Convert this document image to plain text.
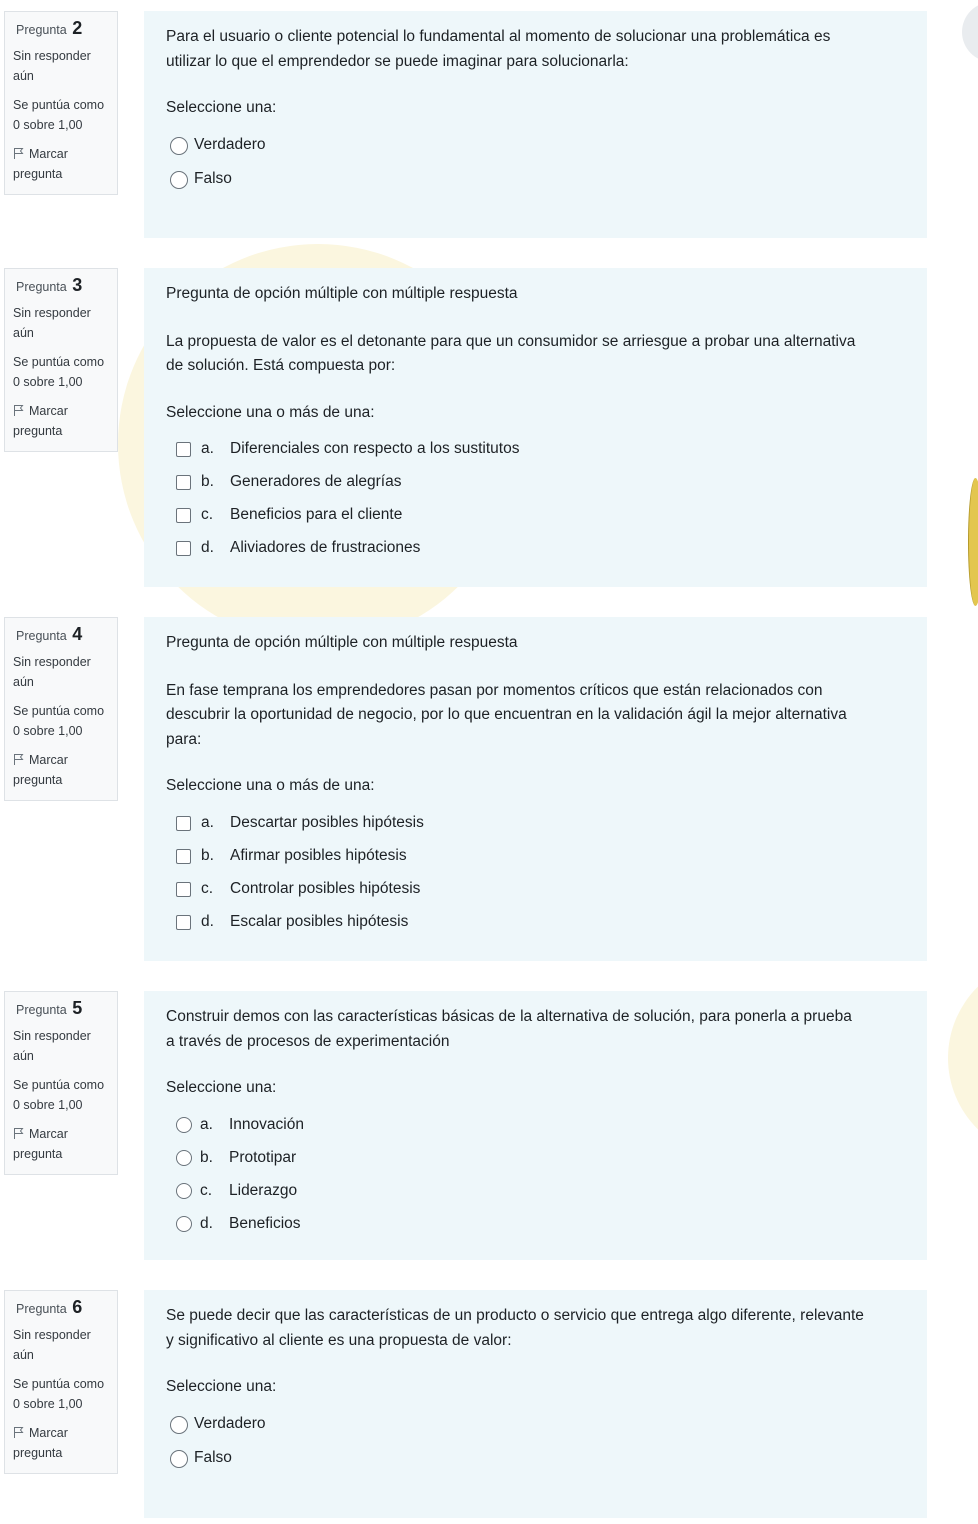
Pregunta 2
Sin responder
aún
Se puntúa como
0 sobre 1,00
Marcar
pregunta

Para el usuario o cliente potencial lo fundamental al momento de solucionar una problemática es
utilizar lo que el emprendedor se puede imaginar para solucionarla:

Seleccione una:

Verdadero
Falso
Pregunta 3
Sin responder
aún
Se puntúa como
0 sobre 1,00
Marcar
pregunta

Pregunta de opción múltiple con múltiple respuesta

La propuesta de valor es el detonante para que un consumidor se arriesgue a probar una alternativa
de solución. Está compuesta por:

Seleccione una o más de una:

a.	Diferenciales con respecto a los sustitutos
b.	Generadores de alegrías
c.	Beneficios para el cliente
d.	Aliviadores de frustraciones
Pregunta 4
Sin responder
aún
Se puntúa como
0 sobre 1,00
Marcar
pregunta

Pregunta de opción múltiple con múltiple respuesta

En fase temprana los emprendedores pasan por momentos críticos que están relacionados con
descubrir la oportunidad de negocio, por lo que encuentran en la validación ágil la mejor alternativa
para:

Seleccione una o más de una:

a.	Descartar posibles hipótesis
b.	Afirmar posibles hipótesis
c.	Controlar posibles hipótesis
d.	Escalar posibles hipótesis
Pregunta 5
Sin responder
aún
Se puntúa como
0 sobre 1,00
Marcar
pregunta

Construir demos con las características básicas de la alternativa de solución, para ponerla a prueba
a través de procesos de experimentación

Seleccione una:

a.	Innovación
b.	Prototipar
c.	Liderazgo
d.	Beneficios
Pregunta 6
Sin responder
aún
Se puntúa como
0 sobre 1,00
Marcar
pregunta

Se puede decir que las características de un producto o servicio que entrega algo diferente, relevante
y significativo al cliente es una propuesta de valor:

Seleccione una:

Verdadero
Falso
